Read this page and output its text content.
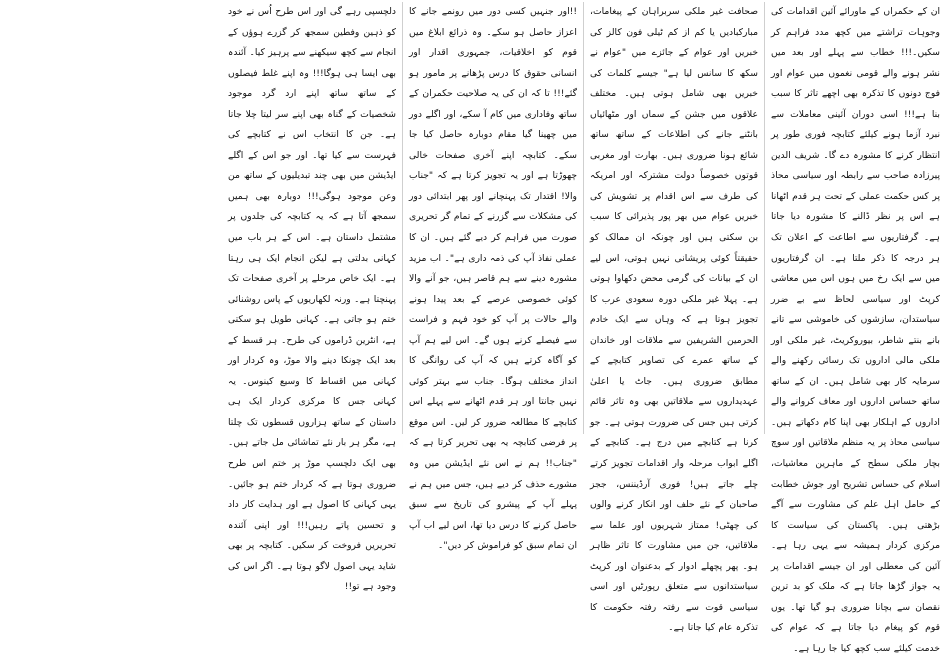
ان کے حکمراں کے ماورائے آئین اقدامات کی وجوہات تراشتے میں کچھ مدد فراہم کر سکیں۔!!! خطاب سے پہلے اور بعد میں نشر ہونے والے قومی نغموں میں عوام اور فوج دونوں کا تذکرہ بھی اچھے تاثر کا سبب بنا ہے!!! اسی دوران آئینی معاملات سے نبرد آزما ہونے کیلئے کتابچہ فوری طور پر انتظار کرنے کا مشورہ دے گا۔ شریف الدین پیرزادہ صاحب سے رابطہ اور سیاسی محاذ پر کس حکمت عملی کے تحت ہر قدم اٹھانا ہے اس پر نظر ڈالنے کا مشورہ دیا جاتا ہے۔ گرفتاریوں سے اطاعت کے اعلان تک ہر درجہ کا ذکر ملتا ہے۔ ان گرفتاریوں میں سے ایک رخ میں ہوں اس میں معاشی کرپٹ اور سیاسی لحاظ سے بے ضرر سیاستدان، سازشوں کی خاموشی سے تانے بانے بنتے شاطر، بیوروکریٹ، غیر ملکی اور ملکی مالی اداروں تک رسائی رکھنے والے سرمایہ کار بھی شامل ہیں۔ ان کے ساتھ ساتھ حساس اداروں اور معاف کروانے والے اداروں کے اہلکار بھی اپنا کام دکھاتے ہیں۔ سیاسی محاذ پر یہ منظم ملاقاتیں اور سوچ بچار ملکی سطح کے ماہرین معاشیات، اسلام کی حساس تشریح اور جوش خطابت کے حامل اہل علم کی مشاورت سے آگے بڑھتی ہیں۔ پاکستان کی سیاست کا مرکزی کردار ہمیشہ سے یہی رہا ہے۔ آئین کی معطلی اور ان جیسے اقدامات پر یہ جواز گڑھا جاتا ہے کہ ملک کو بد ترین نقصان سے بچانا ضروری ہو گیا تھا۔ یوں قوم کو پیغام دیا جاتا ہے کہ عوام کی خدمت کیلئے سب کچھ کیا جا رہا ہے۔

صحافت غیر ملکی سربراہان کے پیغامات، مبارکبادیں یا کم از کم ٹیلی فون کالز کی خبریں اور عوام کے جائزے میں "عوام نے سکھ کا سانس لیا ہے" جیسے کلمات کی خبریں بھی شامل ہوتی ہیں۔ مختلف علاقوں میں جشن کے سماں اور مٹھائیاں بانٹنے جانے کی اطلاعات کے ساتھ ساتھ شائع ہونا ضروری ہیں۔ بھارت اور مغربی قوتوں خصوصاً دولت مشترکہ اور امریکہ کی طرف سے اس اقدام پر تشویش کی خبریں عوام میں بھر پور پذیرائی کا سبب بن سکتی ہیں اور چونکہ ان ممالک کو حقیقتاً کوئی پریشانی نہیں ہوتی، اس لیے ان کے بیانات کی گرمی محض دکھاوا ہوتی ہے۔ پہلا غیر ملکی دورہ سعودی عرب کا تجویز ہوتا ہے کہ وہاں سے ایک خادم الحرمین الشریفین سے ملاقات اور خاندان کے ساتھ عمرے کی تصاویر کتابچے کے مطابق ضروری ہیں۔ جاٹ یا اعلیٰ عہدیداروں سے ملاقاتیں بھی وہ تاثر قائم کرتی ہیں جس کی ضرورت ہوتی ہے۔ جو کرنا ہے کتابچے میں درج ہے۔ کتابچے کے اگلے ابواب مرحلہ وار اقدامات تجویز کرتے چلے جاتے ہیں! فوری آرڈیننس، ججز صاحبان کے نئے حلف اور انکار کرنے والوں کی چھٹی! ممتاز شہریوں اور علما سے ملاقاتیں، جن میں مشاورت کا تاثر ظاہر ہو۔ پھر پچھلے ادوار کے بدعنوان اور کرپٹ سیاستدانوں سے متعلق رپورٹیں اور اسی سیاسی قوت سے رفتہ رفتہ حکومت کا تذکرہ عام کیا جاتا ہے۔

!!اور جنہیں کسی دور میں رونمے جانے کا اعزاز حاصل ہو سکے۔ وہ ذرائع ابلاغ میں قوم کو اخلاقیات، جمہوری اقدار اور انسانی حقوق کا درس پڑھانے پر مامور ہو گئے!!! تا کہ ان کی یہ صلاحیت حکمران کے ساتھ وفاداری میں کام آ سکے، اور اگلے دور میں چھینا گیا مقام دوبارہ حاصل کیا جا سکے۔ کتابچہ اپنے آخری صفحات خالی چھوڑتا ہے اور یہ تجویز کرتا ہے کہ "جناب والا! اقتدار تک پہنچانے اور پھر ابتدائی دور کی مشکلات سے گزرنے کے تمام گر تحریری صورت میں فراہم کر دیے گئے ہیں۔ ان کا عملی نفاذ آپ کی ذمہ داری ہے"۔ اب مزید مشورہ دینے سے ہم قاصر ہیں، جو آنے والا کوئی خصوصی عرصے کے بعد پیدا ہونے والے حالات پر آپ کو خود فہم و فراست سے فیصلے کرنے ہوں گے۔ اس لیے ہم آپ کو آگاہ کرتے ہیں کہ آپ کی روانگی کا انداز مختلف ہوگا۔ جناب سے بہتر کوئی نہیں جانتا اور ہر قدم اٹھانے سے پہلے اس کتابچے کا مطالعہ ضرور کر لیں۔ اس موقع پر فرضی کتابچہ یہ بھی تحریر کرتا ہے کہ "جناب!! ہم نے اس نئے ایڈیشن میں وہ مشورے حذف کر دیے ہیں، جس میں ہم نے پہلے آپ کے پیشرو کی تاریخ سے سبق حاصل کرنے کا درس دیا تھا، اس لیے اب آپ ان تمام سبق کو فراموش کر دیں"۔

دلچسپی رہے گی اور اس طرح اُس نے خود کو ذہین وفطین سمجھ کر گزرے ہوؤں کے انجام سے کچھ سیکھنے سے پرہیز کیا۔ آئندہ بھی ایسا ہی ہوگا!!! وہ اپنے غلط فیصلوں کے ساتھ ساتھ اپنے ارد گرد موجود شخصیات کے گناہ بھی اپنے سر لیتا چلا جاتا ہے۔ جن کا انتخاب اس نے کتابچے کی فہرست سے کیا تھا۔ اور جو اس کے اگلے ایڈیشن میں بھی چند تبدیلیوں کے ساتھ من وعن موجود ہوگی!!! دوبارہ بھی ہمیں سمجھ آتا ہے کہ یہ کتابچہ کی جلدوں پر مشتمل داستان ہے۔ اس کے ہر باب میں کہانی بدلتی ہے لیکن انجام ایک ہی رہتا ہے۔ ایک خاص مرحلے پر آخری صفحات تک پہنچتا ہے۔ ورنہ لکھاریوں کے پاس روشنائی ختم ہو جاتی ہے۔ کہانی طویل ہو سکتی ہے، انٹرین ڈراموں کی طرح۔ ہر قسط کے بعد ایک چونکا دینے والا موڑ، وہ کردار اور کہانی میں اقساط کا وسیع کینوس۔ یہ کہانی جس کا مرکزی کردار ایک ہی داستان کے ساتھ ہزاروں قسطوں تک چلتا ہے، مگر ہر بار نئے تماشائی مل جاتے ہیں۔ بھی ایک دلچسپ موڑ پر ختم اس طرح ضروری ہوتا ہے کہ کردار ختم ہو جائیں۔ یہی کہانی کا اصول ہے اور ہدایت کار داد و تحسین پاتے رہیں!!! اور اپنی آئندہ تحریریں فروخت کر سکیں۔ کتابچہ پر بھی شاید یہی اصول لاگو ہوتا ہے۔ اگر اس کی وجود ہے تو!!
